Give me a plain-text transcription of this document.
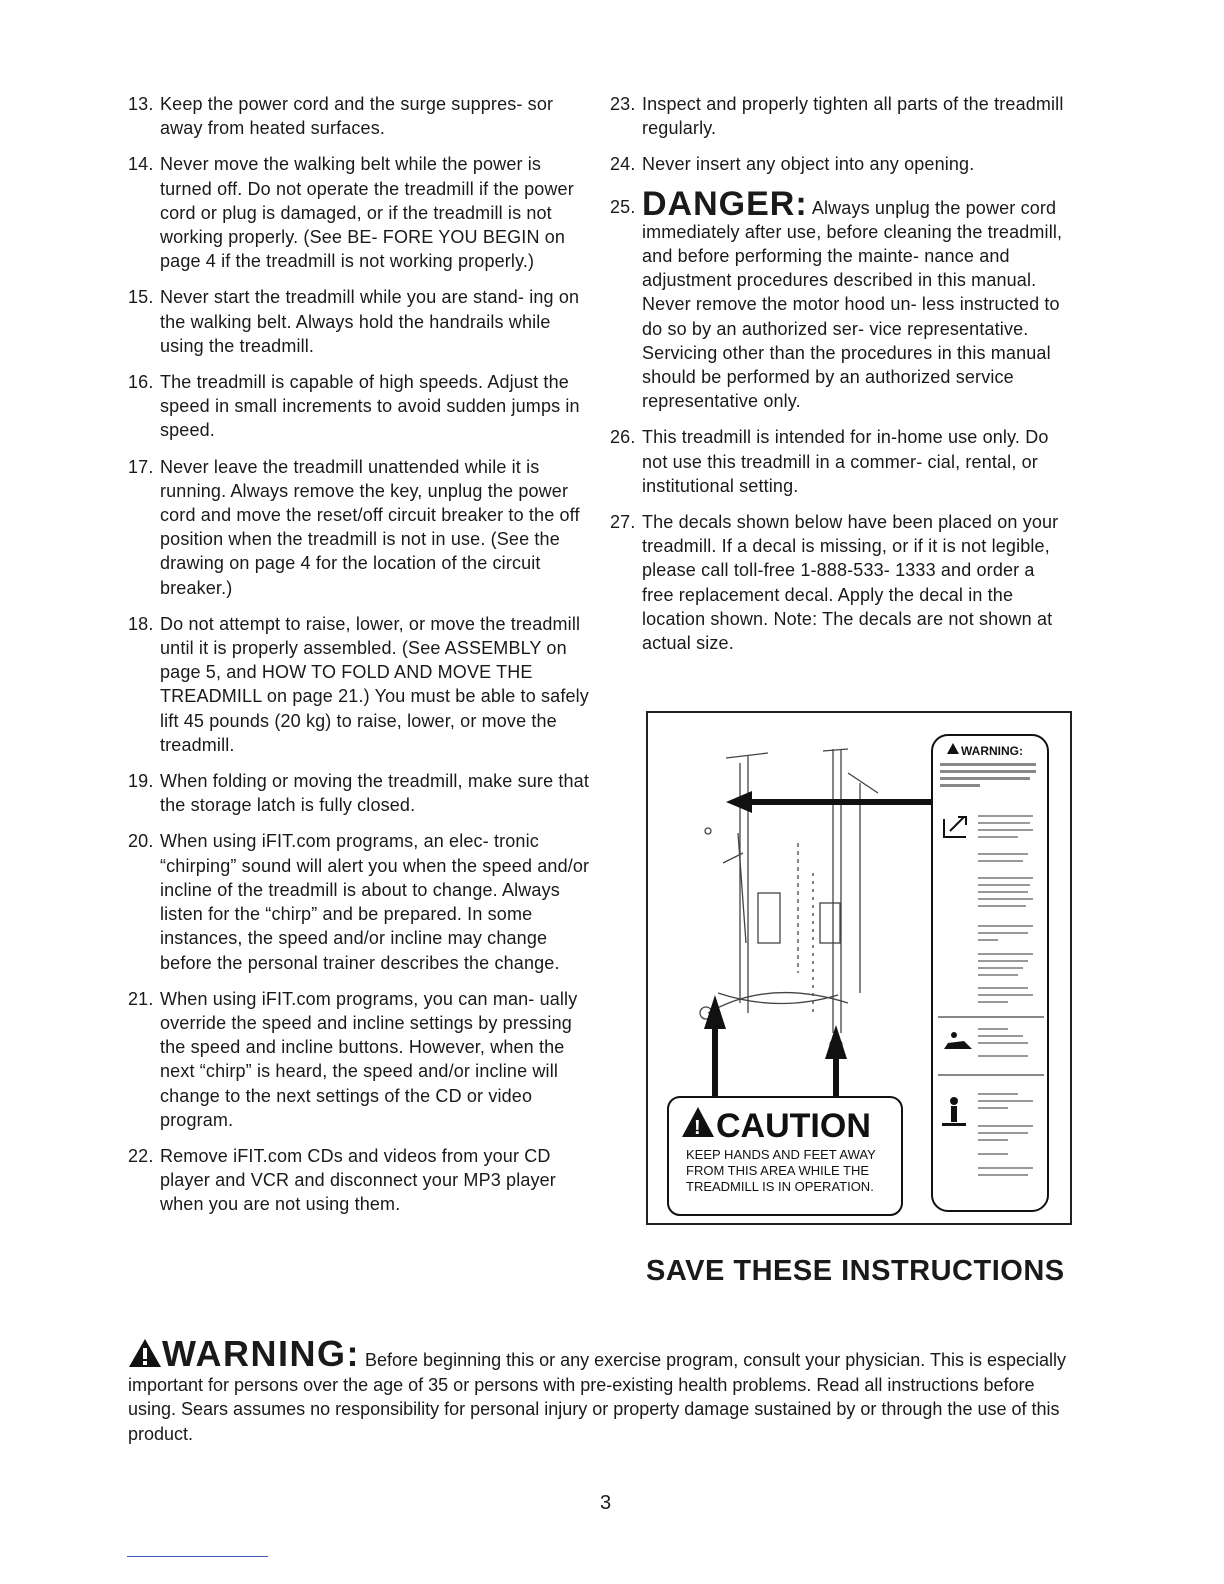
13. Keep the power cord and the surge suppres- sor away from heated surfaces.
14. Never move the walking belt while the power is turned off. Do not operate the treadmill if the power cord or plug is damaged, or if the treadmill is not working properly. (See BE- FORE YOU BEGIN on page 4 if the treadmill is not working properly.)
15. Never start the treadmill while you are stand- ing on the walking belt. Always hold the handrails while using the treadmill.
16. The treadmill is capable of high speeds. Adjust the speed in small increments to avoid sudden jumps in speed.
17. Never leave the treadmill unattended while it is running. Always remove the key, unplug the power cord and move the reset/off circuit breaker to the off position when the treadmill is not in use. (See the drawing on page 4 for the location of the circuit breaker.)
18. Do not attempt to raise, lower, or move the treadmill until it is properly assembled. (See ASSEMBLY on page 5, and HOW TO FOLD AND MOVE THE TREADMILL on page 21.) You must be able to safely lift 45 pounds (20 kg) to raise, lower, or move the treadmill.
19. When folding or moving the treadmill, make sure that the storage latch is fully closed.
20. When using iFIT.com programs, an elec- tronic “chirping” sound will alert you when the speed and/or incline of the treadmill is about to change. Always listen for the “chirp” and be prepared. In some instances, the speed and/or incline may change before the personal trainer describes the change.
21. When using iFIT.com programs, you can man- ually override the speed and incline settings by pressing the speed and incline buttons. However, when the next “chirp” is heard, the speed and/or incline will change to the next settings of the CD or video program.
22. Remove iFIT.com CDs and videos from your CD player and VCR and disconnect your MP3 player when you are not using them.
23. Inspect and properly tighten all parts of the treadmill regularly.
24. Never insert any object into any opening.
25. DANGER: Always unplug the power cord immediately after use, before cleaning the treadmill, and before performing the mainte- nance and adjustment procedures described in this manual. Never remove the motor hood un- less instructed to do so by an authorized ser- vice representative. Servicing other than the procedures in this manual should be performed by an authorized service representative only.
26. This treadmill is intended for in-home use only. Do not use this treadmill in a commer- cial, rental, or institutional setting.
27. The decals shown below have been placed on your treadmill. If a decal is missing, or if it is not legible, please call toll-free 1-888-533- 1333 and order a free replacement decal. Apply the decal in the location shown. Note: The decals are not shown at actual size.
WARNING:
! CAUTION
KEEP HANDS AND FEET AWAY
FROM THIS AREA WHILE THE
TREADMILL IS IN OPERATION.
SAVE THESE INSTRUCTIONS
WARNING: Before beginning this or any exercise program, consult your physician. This is especially important for persons over the age of 35 or persons with pre-existing health problems. Read all instructions before using. Sears assumes no responsibility for personal injury or property damage sustained by or through the use of this product.
3
